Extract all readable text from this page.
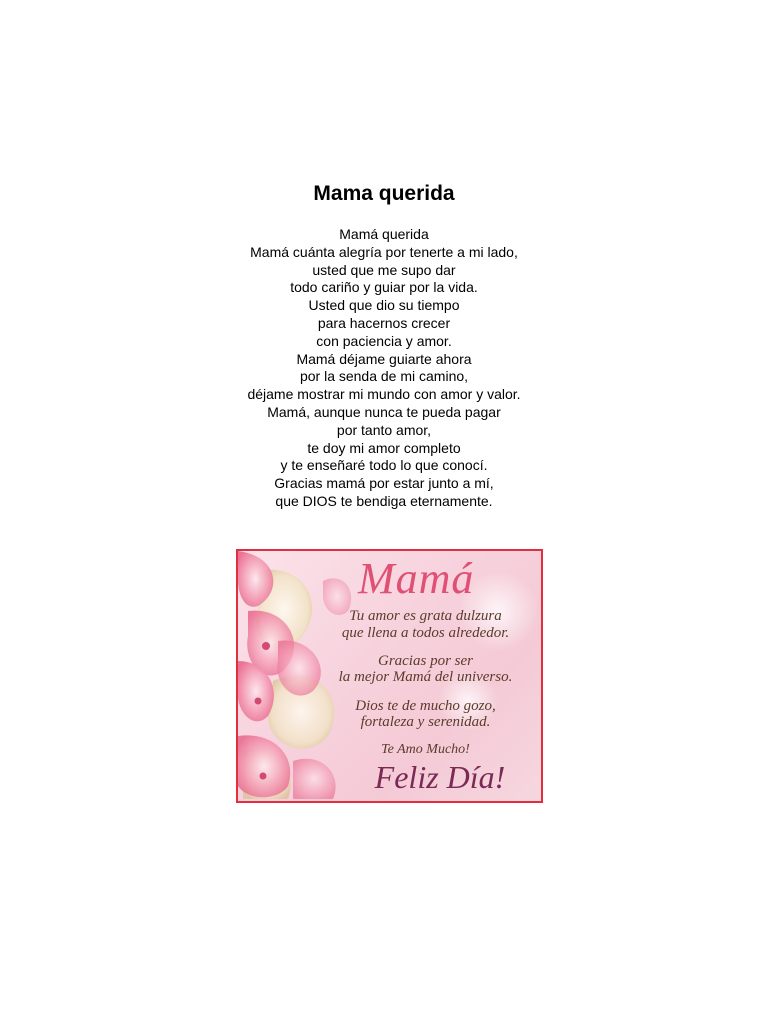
Mama querida
Mamá querida
Mamá cuánta alegría por tenerte a mi lado,
usted que me supo dar
todo cariño y guiar por la vida.
Usted que dio su tiempo
para hacernos crecer
con paciencia y amor.
Mamá déjame guiarte ahora
por la senda de mi camino,
déjame mostrar mi mundo con amor y valor.
Mamá, aunque nunca te pueda pagar
por tanto amor,
te doy mi amor completo
y te enseñaré todo lo que conocí.
Gracias mamá por estar junto a mí,
que DIOS te bendiga eternamente.
Mamá
Tu amor es grata dulzura
que llena a todos alrededor.
Gracias por ser
la mejor Mamá del universo.
Dios te de mucho gozo,
fortaleza y serenidad.
Te Amo Mucho!
Feliz Día!
